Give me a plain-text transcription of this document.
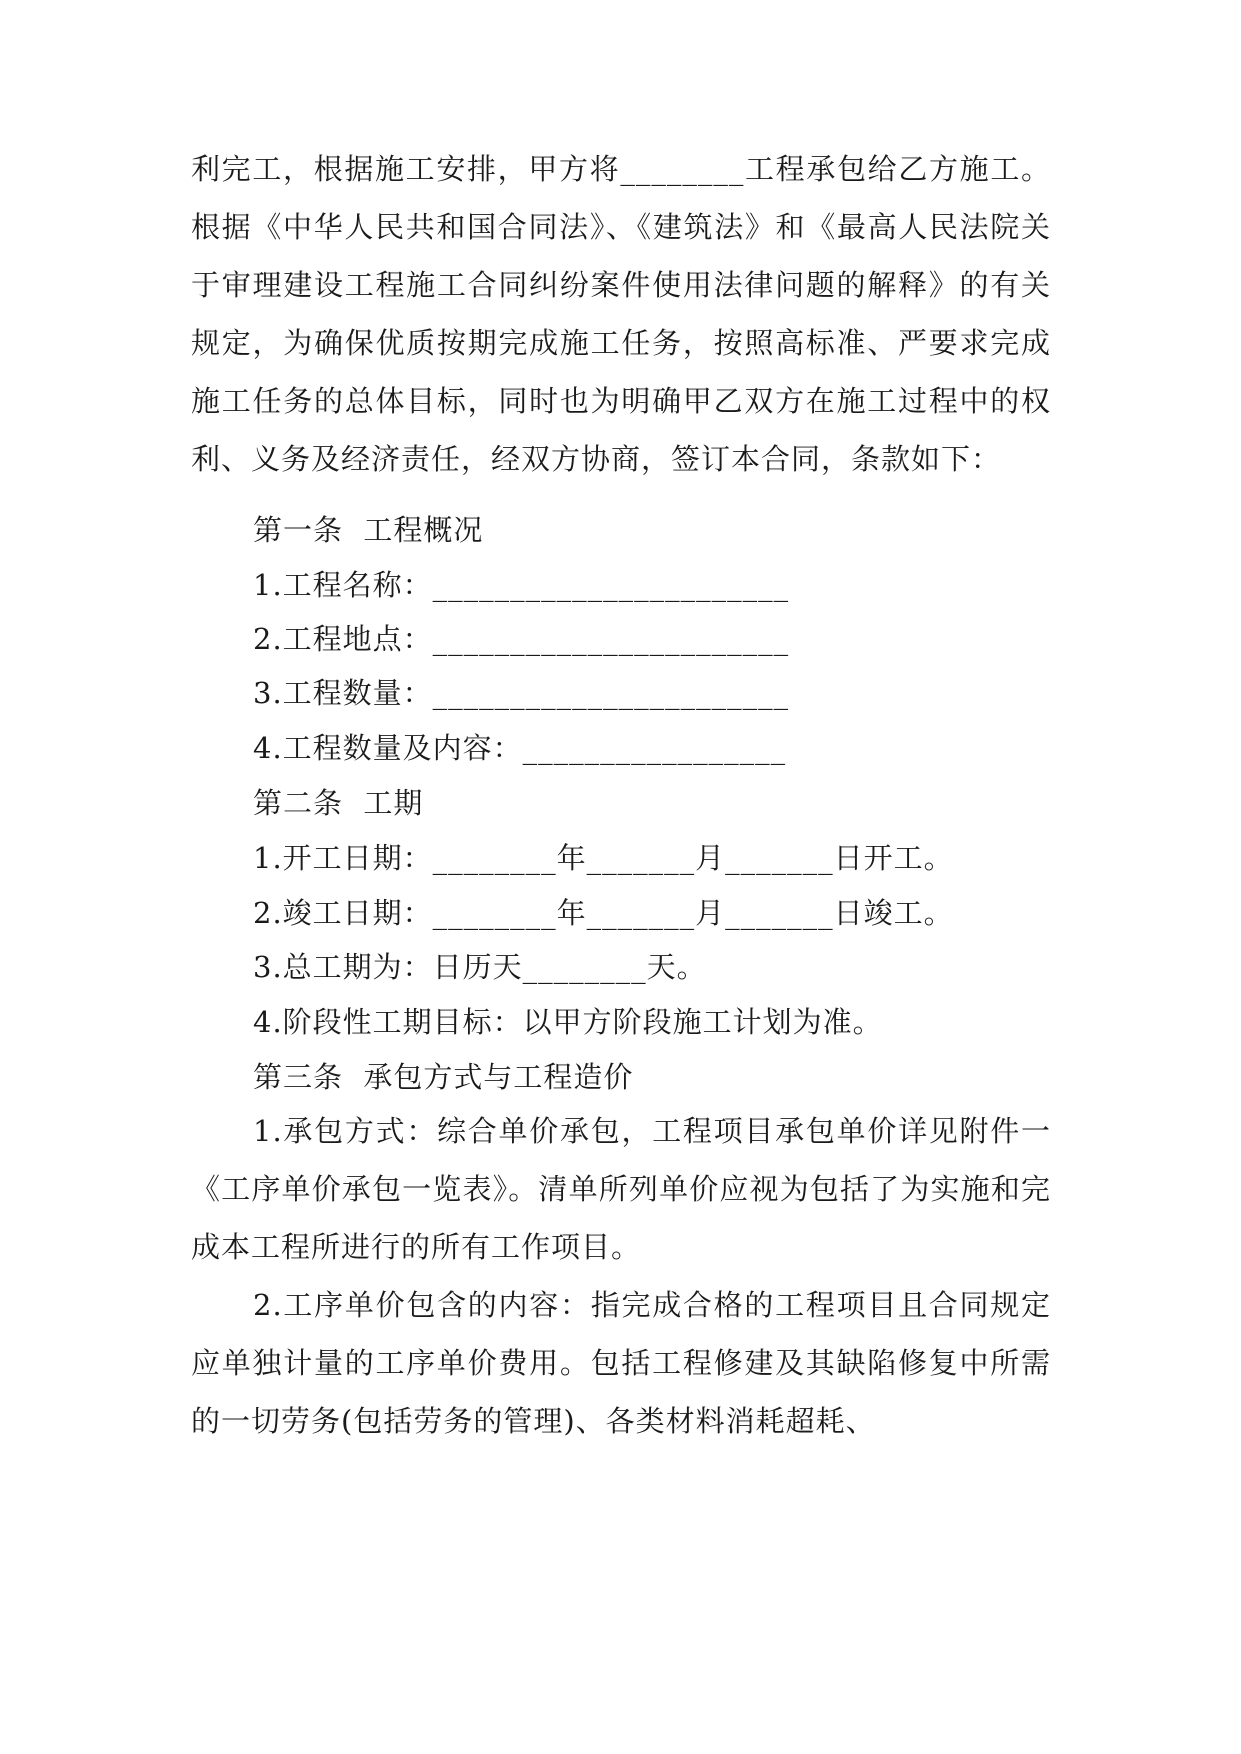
利完工，根据施工安排，甲方将________工程承包给乙方施工。根据《中华人民共和国合同法》、《建筑法》和《最高人民法院关于审理建设工程施工合同纠纷案件使用法律问题的解释》的有关规定，为确保优质按期完成施工任务，按照高标准、严要求完成施工任务的总体目标，同时也为明确甲乙双方在施工过程中的权利、义务及经济责任，经双方协商，签订本合同，条款如下：

第一条  工程概况

1.工程名称：_______________________

2.工程地点：_______________________

3.工程数量：_______________________

4.工程数量及内容：_________________

第二条  工期

1.开工日期：________年_______月_______日开工。

2.竣工日期：________年_______月_______日竣工。

3.总工期为：日历天________天。

4.阶段性工期目标：以甲方阶段施工计划为准。

第三条  承包方式与工程造价

1.承包方式：综合单价承包，工程项目承包单价详见附件一《工序单价承包一览表》。清单所列单价应视为包括了为实施和完成本工程所进行的所有工作项目。

2.工序单价包含的内容：指完成合格的工程项目且合同规定应单独计量的工序单价费用。包括工程修建及其缺陷修复中所需的一切劳务(包括劳务的管理)、各类材料消耗超耗、
